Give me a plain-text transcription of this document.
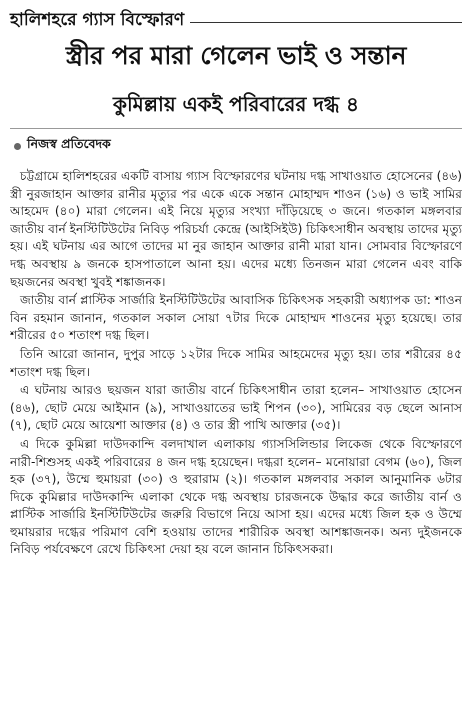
হালিশহরে গ্যাস বিস্ফোরণ
স্ত্রীর পর মারা গেলেন ভাই ও সন্তান
কুমিল্লায় একই পরিবারের দগ্ধ ৪
নিজস্ব প্রতিবেদক

চট্টগ্রামে হালিশহরের একটি বাসায় গ্যাস বিস্ফোরণের ঘটনায় দগ্ধ সাখাওয়াত হোসেনের (৪৬) স্ত্রী নুরজাহান আক্তার রানীর মৃত্যুর পর একে একে সন্তান মোহাম্মদ শাওন (১৬) ও ভাই সামির আহমেদ (৪০) মারা গেলেন। এই নিয়ে মৃত্যুর সংখ্যা দাঁড়িয়েছে ৩ জনে। গতকাল মঙ্গলবার জাতীয় বার্ন ইনস্টিটিউটের নিবিড় পরিচর্যা কেন্দ্রে (আইসিইউ) চিকিৎসাধীন অবস্থায় তাদের মৃত্যু হয়। এই ঘটনায় এর আগে তাদের মা নুর জাহান আক্তার রানী মারা যান। সোমবার বিস্ফোরণে দগ্ধ অবস্থায় ৯ জনকে হাসপাতালে আনা হয়। এদের মধ্যে তিনজন মারা গেলেন এবং বাকি ছয়জনের অবস্থা খুবই শঙ্কাজনক।

জাতীয় বার্ন প্লাস্টিক সার্জারি ইনস্টিটিউটের আবাসিক চিকিৎসক সহকারী অধ্যাপক ডা: শাওন বিন রহমান জানান, গতকাল সকাল সোয়া ৭টার দিকে মোহাম্মদ শাওনের মৃত্যু হয়েছে। তার শরীরের ৫০ শতাংশ দগ্ধ ছিল।

তিনি আরো জানান, দুপুর সাড়ে ১২টার দিকে সামির আহমেদের মৃত্যু হয়। তার শরীরের ৪৫ শতাংশ দগ্ধ ছিল।

এ ঘটনায় আরও ছয়জন যারা জাতীয় বার্নে চিকিৎসাধীন তারা হলেন– সাখাওয়াত হোসেন (৪৬), ছোট মেয়ে আইমান (৯), সাখাওয়াতের ভাই শিপন (৩০), সামিরের বড় ছেলে আনাস (৭), ছোট মেয়ে আয়েশা আক্তার (৪) ও তার স্ত্রী পাখি আক্তার (৩৫)।

এ দিকে কুমিল্লা দাউদকান্দি বলদাখাল এলাকায় গ্যাসসিলিন্ডার লিকেজ থেকে বিস্ফোরণে নারী-শিশুসহ একই পরিবারের ৪ জন দগ্ধ হয়েছেন। দগ্ধরা হলেন– মনোয়ারা বেগম (৬০), জিল হক (৩৭), উম্মে হুমায়রা (৩০) ও হুরারাম (২)। গতকাল মঙ্গলবার সকাল আনুমানিক ৬টার দিকে কুমিল্লার দাউদকান্দি এলাকা থেকে দগ্ধ অবস্থায় চারজনকে উদ্ধার করে জাতীয় বার্ন ও প্লাস্টিক সার্জারি ইনস্টিটিউটের জরুরি বিভাগে নিয়ে আসা হয়। এদের মধ্যে জিল হক ও উম্মে হুমায়রার দগ্ধের পরিমাণ বেশি হওয়ায় তাদের শারীরিক অবস্থা আশঙ্কাজনক। অন্য দুইজনকে নিবিড় পর্যবেক্ষণে রেখে চিকিৎসা দেয়া হয় বলে জানান চিকিৎসকরা।
